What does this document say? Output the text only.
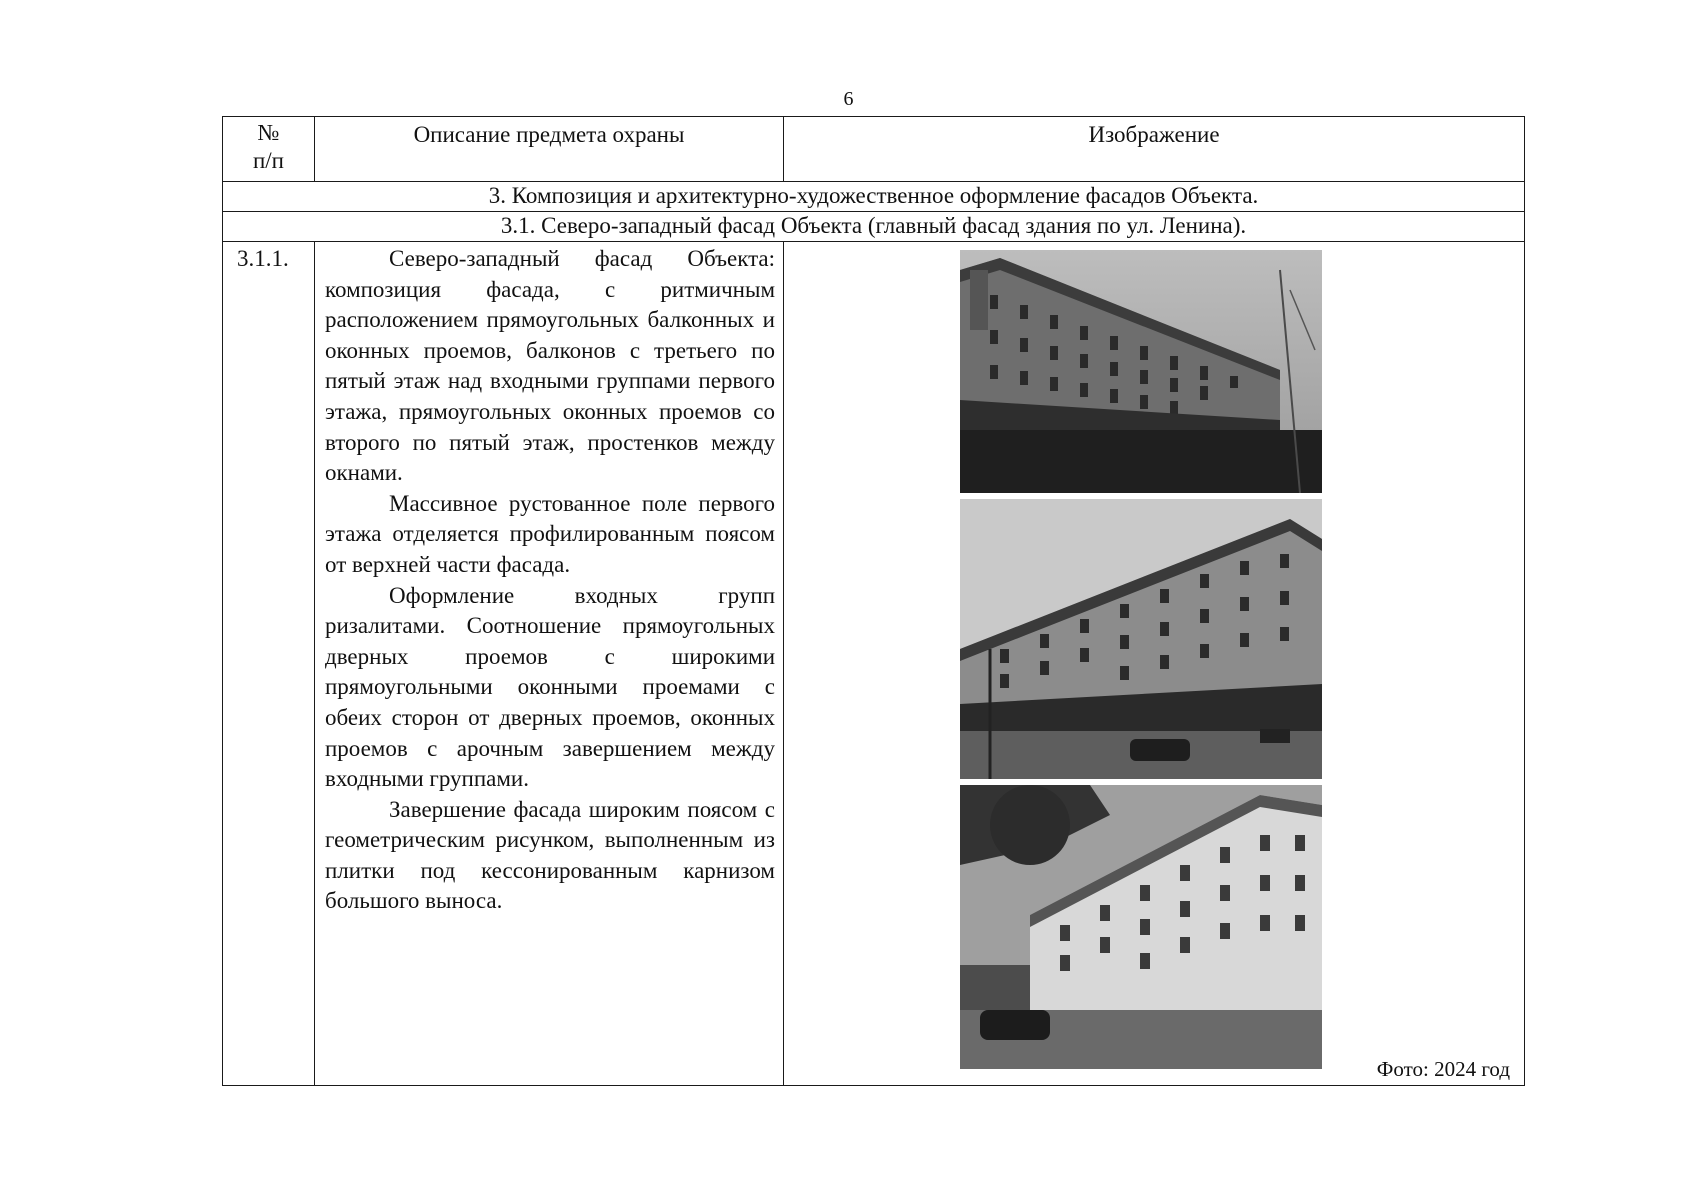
6
№ п/п	Описание предмета охраны	Изображение
3. Композиция и архитектурно-художественное оформление фасадов Объекта.		
3.1. Северо-западный фасад Объекта (главный фасад здания по ул. Ленина).		
3.1.1.	Северо-западный фасад Объекта: композиция фасада, с ритмичным расположением прямоугольных балконных и оконных проемов, балконов с третьего по пятый этаж над входными группами первого этажа, прямоугольных оконных проемов со второго по пятый этаж, простенков между окнами.

Массивное рустованное поле первого этажа отделяется профилированным поясом от верхней части фасада.

Оформление входных групп ризалитами. Соотношение прямоугольных дверных проемов с широкими прямоугольными оконными проемами с обеих сторон от дверных проемов, оконных проемов с арочным завершением между входными группами.

Завершение фасада широким поясом с геометрическим рисунком, выполненным из плитки под кессонированным карнизом большого выноса.	Фото: 2024 год
